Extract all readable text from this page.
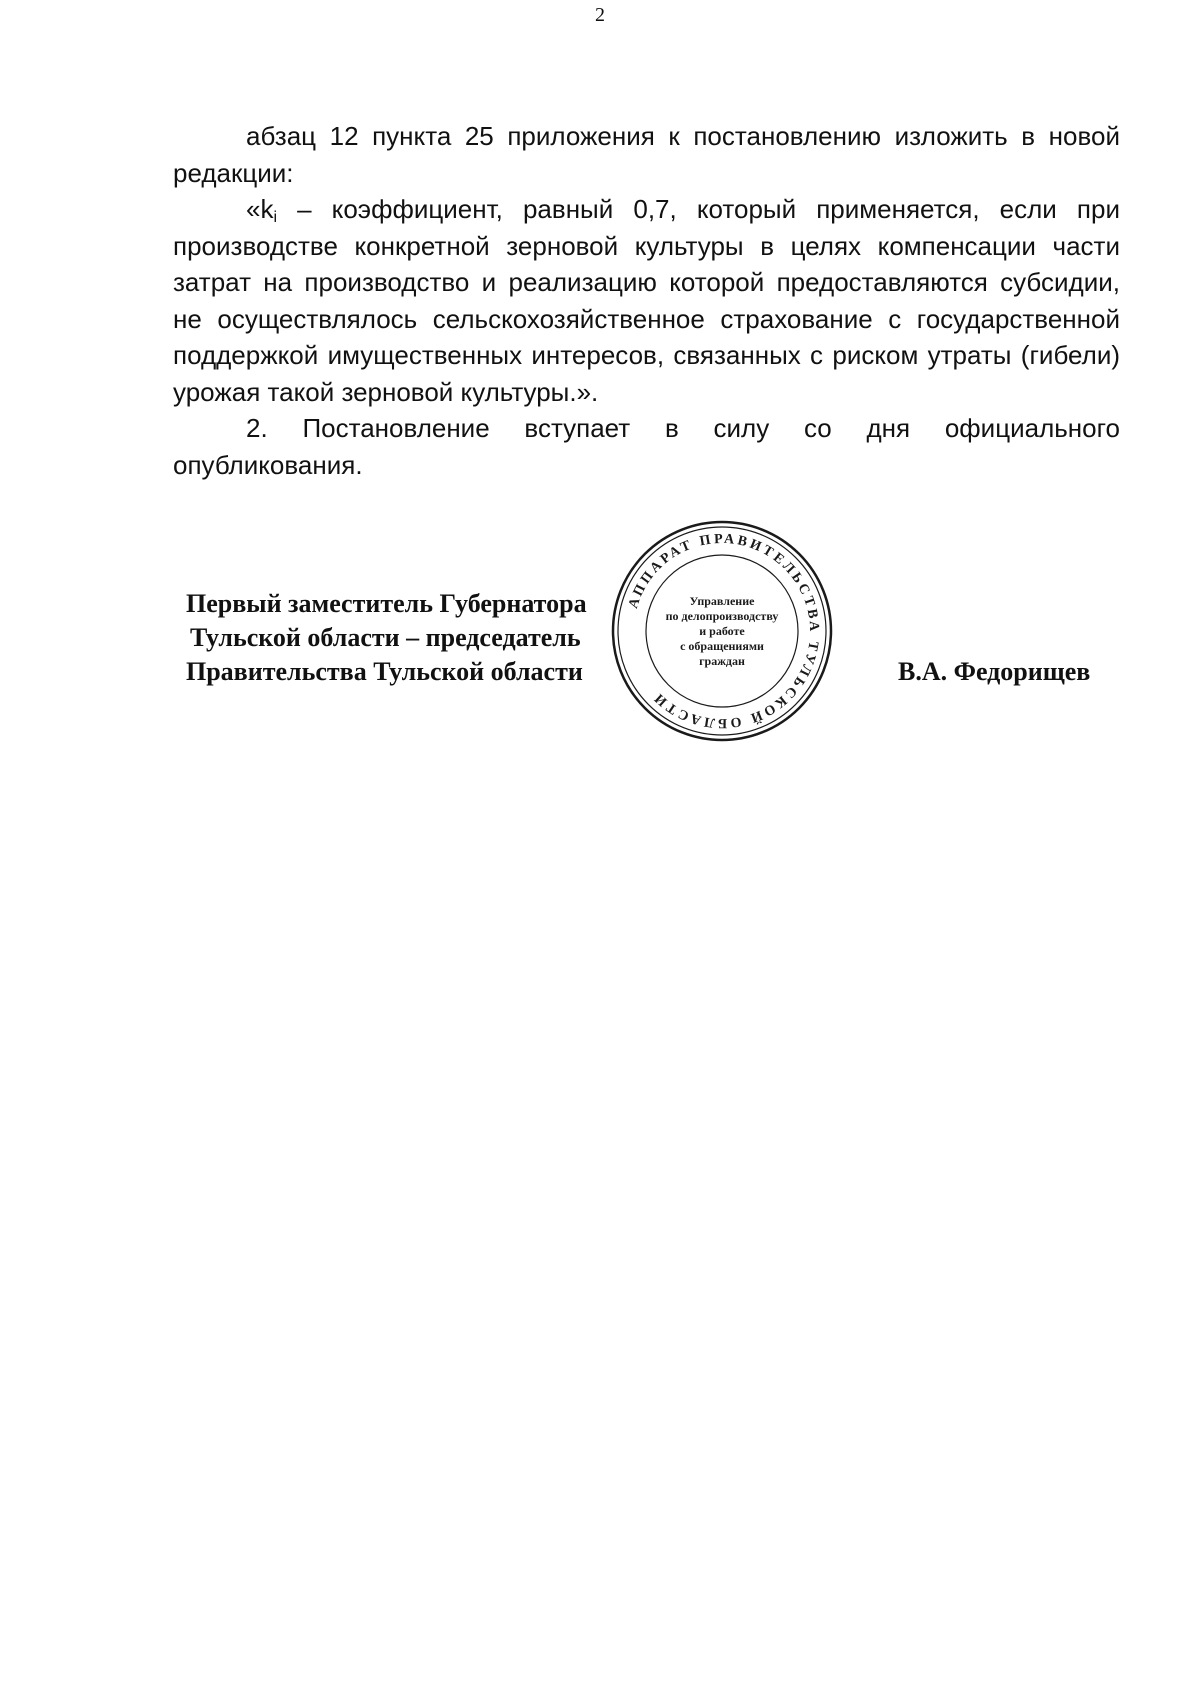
2

абзац 12 пункта 25 приложения к постановлению изложить в новой редакции:

«$k_i$ – коэффициент, равный 0,7, который применяется, если при производстве конкретной зерновой культуры в целях компенсации части затрат на производство и реализацию которой предоставляются субсидии, не осуществлялось сельскохозяйственное страхование с государственной поддержкой имущественных интересов, связанных с риском утраты (гибели) урожая такой зерновой культуры.».

2. Постановление вступает в силу со дня официального опубликования.

Первый заместитель Губернатора
Тульской области – председатель
Правительства Тульской области	В.А. Федорищев
АППАРАТ ПРАВИТЕЛЬСТВА ТУЛЬСКОЙ ОБЛАСТИ
Управление
по делопроизводству
и работе
с обращениями
граждан
